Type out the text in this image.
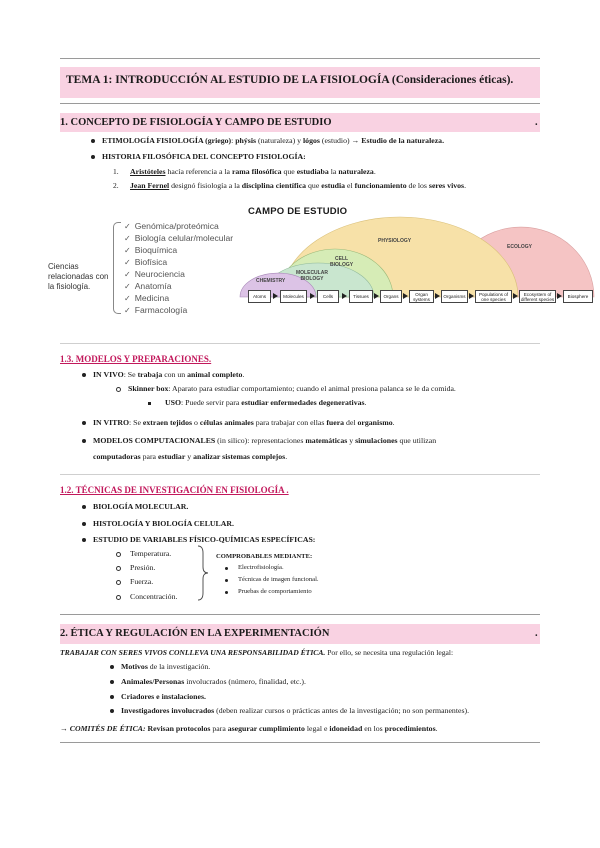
TEMA 1: INTRODUCCIÓN AL ESTUDIO DE LA FISIOLOGÍA (Consideraciones éticas).
1. CONCEPTO DE FISIOLOGÍA Y CAMPO DE ESTUDIO	.
ETIMOLOGÍA FISIOLOGÍA (griego): phýsis (naturaleza) y lógos (estudio) → Estudio de la naturaleza.
HISTORIA FILOSÓFICA DEL CONCEPTO FISIOLOGÍA:
1. Aristóteles hacía referencia a la rama filosófica que estudiaba la naturaleza.
2. Jean Fernel designó fisiología a la disciplina científica que estudia el funcionamiento de los seres vivos.
CAMPO DE ESTUDIO
Ciencias
relacionadas con
la fisiología.
✓ Genómica/proteómica
✓ Biología celular/molecular
✓ Bioquímica
✓ Biofísica
✓ Neurociencia
✓ Anatomía
✓ Medicina
✓ Farmacología
PHYSIOLOGY
ECOLOGY
CELL
BIOLOGY
MOLECULAR
BIOLOGY
CHEMISTRY
Atoms	Molecules	Cells	Tissues	Organs	Organ systems	Organisms	Populations of one species
Ecosystem of different species	Biosphere
1.3. MODELOS Y PREPARACIONES.
IN VIVO: Se trabaja con un animal completo.
Skinner box: Aparato para estudiar comportamiento; cuando el animal presiona palanca se le da comida.
USO: Puede servir para estudiar enfermedades degenerativas.
IN VITRO: Se extraen tejidos o células animales para trabajar con ellas fuera del organismo.
MODELOS COMPUTACIONALES (in silico): representaciones matemáticas y simulaciones que utilizan
computadoras para estudiar y analizar sistemas complejos.
1.2. TÉCNICAS DE INVESTIGACIÓN EN FISIOLOGÍA .
BIOLOGÍA MOLECULAR.
HISTOLOGÍA Y BIOLOGÍA CELULAR.
ESTUDIO DE VARIABLES FÍSICO-QUÍMICAS ESPECÍFICAS:
Temperatura.
Presión.
Fuerza.
Concentración.
COMPROBABLES MEDIANTE:
Electrofisiología.
Técnicas de imagen funcional.
Pruebas de comportamiento
2. ÉTICA Y REGULACIÓN EN LA EXPERIMENTACIÓN	.
TRABAJAR CON SERES VIVOS CONLLEVA UNA RESPONSABILIDAD ÉTICA. Por ello, se necesita una regulación legal:
Motivos de la investigación.
Animales/Personas involucrados (número, finalidad, etc.).
Criadores e instalaciones.
Investigadores involucrados (deben realizar cursos o prácticas antes de la investigación; no son permanentes).
→ COMITÉS DE ÉTICA: Revisan protocolos para asegurar cumplimiento legal e idoneidad en los procedimientos.
